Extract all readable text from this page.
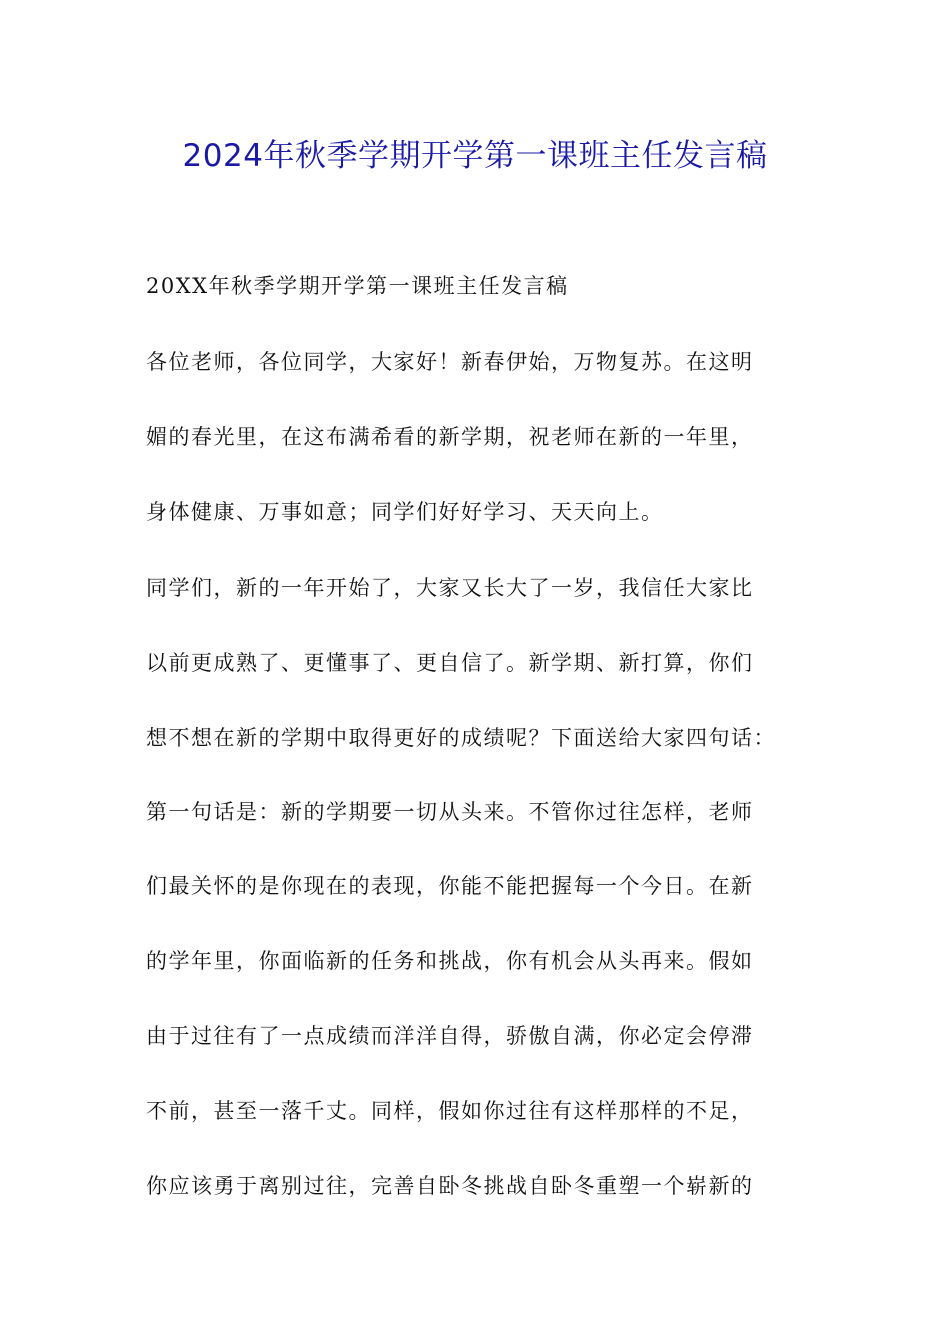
2024年秋季学期开学第一课班主任发言稿

20XX年秋季学期开学第一课班主任发言稿

各位老师，各位同学，大家好！新春伊始，万物复苏。在这明

媚的春光里，在这布满希看的新学期，祝老师在新的一年里，

身体健康、万事如意；同学们好好学习、天天向上。

同学们，新的一年开始了，大家又长大了一岁，我信任大家比

以前更成熟了、更懂事了、更自信了。新学期、新打算，你们

想不想在新的学期中取得更好的成绩呢？下面送给大家四句话：

第一句话是：新的学期要一切从头来。不管你过往怎样，老师

们最关怀的是你现在的表现，你能不能把握每一个今日。在新

的学年里，你面临新的任务和挑战，你有机会从头再来。假如

由于过往有了一点成绩而洋洋自得，骄傲自满，你必定会停滞

不前，甚至一落千丈。同样，假如你过往有这样那样的不足，

你应该勇于离别过往，完善自卧冬挑战自卧冬重塑一个崭新的
